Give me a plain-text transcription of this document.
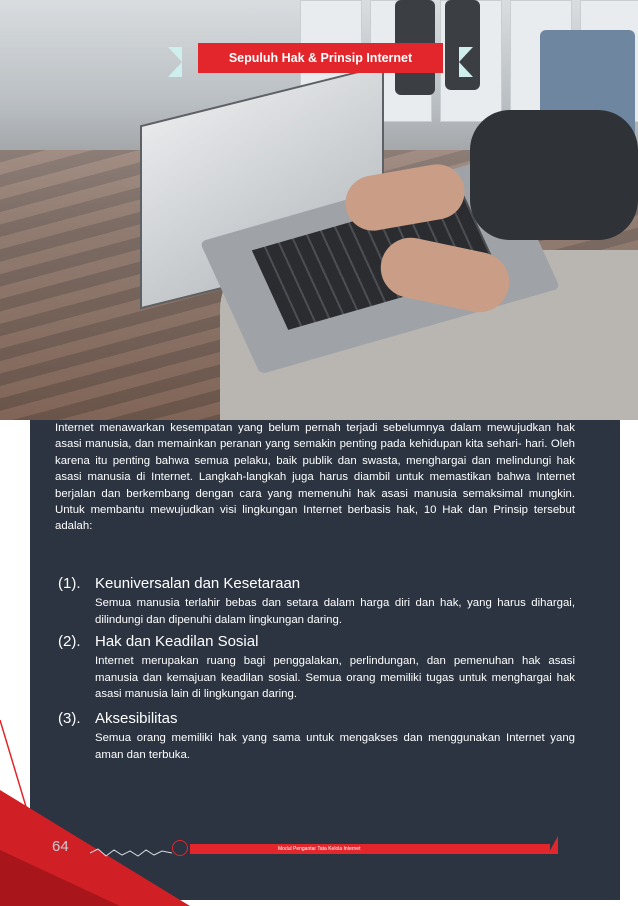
Sepuluh Hak & Prinsip Internet

Internet menawarkan kesempatan yang belum pernah terjadi sebelumnya dalam mewujudkan hak asasi manusia, dan memainkan peranan yang semakin penting pada kehidupan kita sehari- hari. Oleh karena itu penting bahwa semua pelaku, baik publik dan swasta, menghargai dan melindungi hak asasi manusia di Internet. Langkah-langkah juga harus diambil untuk memastikan bahwa Internet berjalan dan berkembang dengan cara yang memenuhi hak asasi manusia semaksimal mungkin. Untuk membantu mewujudkan visi lingkungan Internet berbasis hak, 10 Hak dan Prinsip tersebut adalah:

(1). Keuniversalan dan Kesetaraan

Semua manusia terlahir bebas dan setara dalam harga diri dan hak, yang harus dihargai, dilindungi dan dipenuhi dalam lingkungan daring.

(2). Hak dan Keadilan Sosial

Internet merupakan ruang bagi penggalakan, perlindungan, dan pemenuhan hak asasi manusia dan kemajuan keadilan sosial. Semua orang memiliki tugas untuk menghargai hak asasi manusia lain di lingkungan daring.

(3). Aksesibilitas

Semua orang memiliki hak yang sama untuk mengakses dan menggunakan Internet yang aman dan terbuka.

64	Modul Pengantar Tata Kelola Internet
